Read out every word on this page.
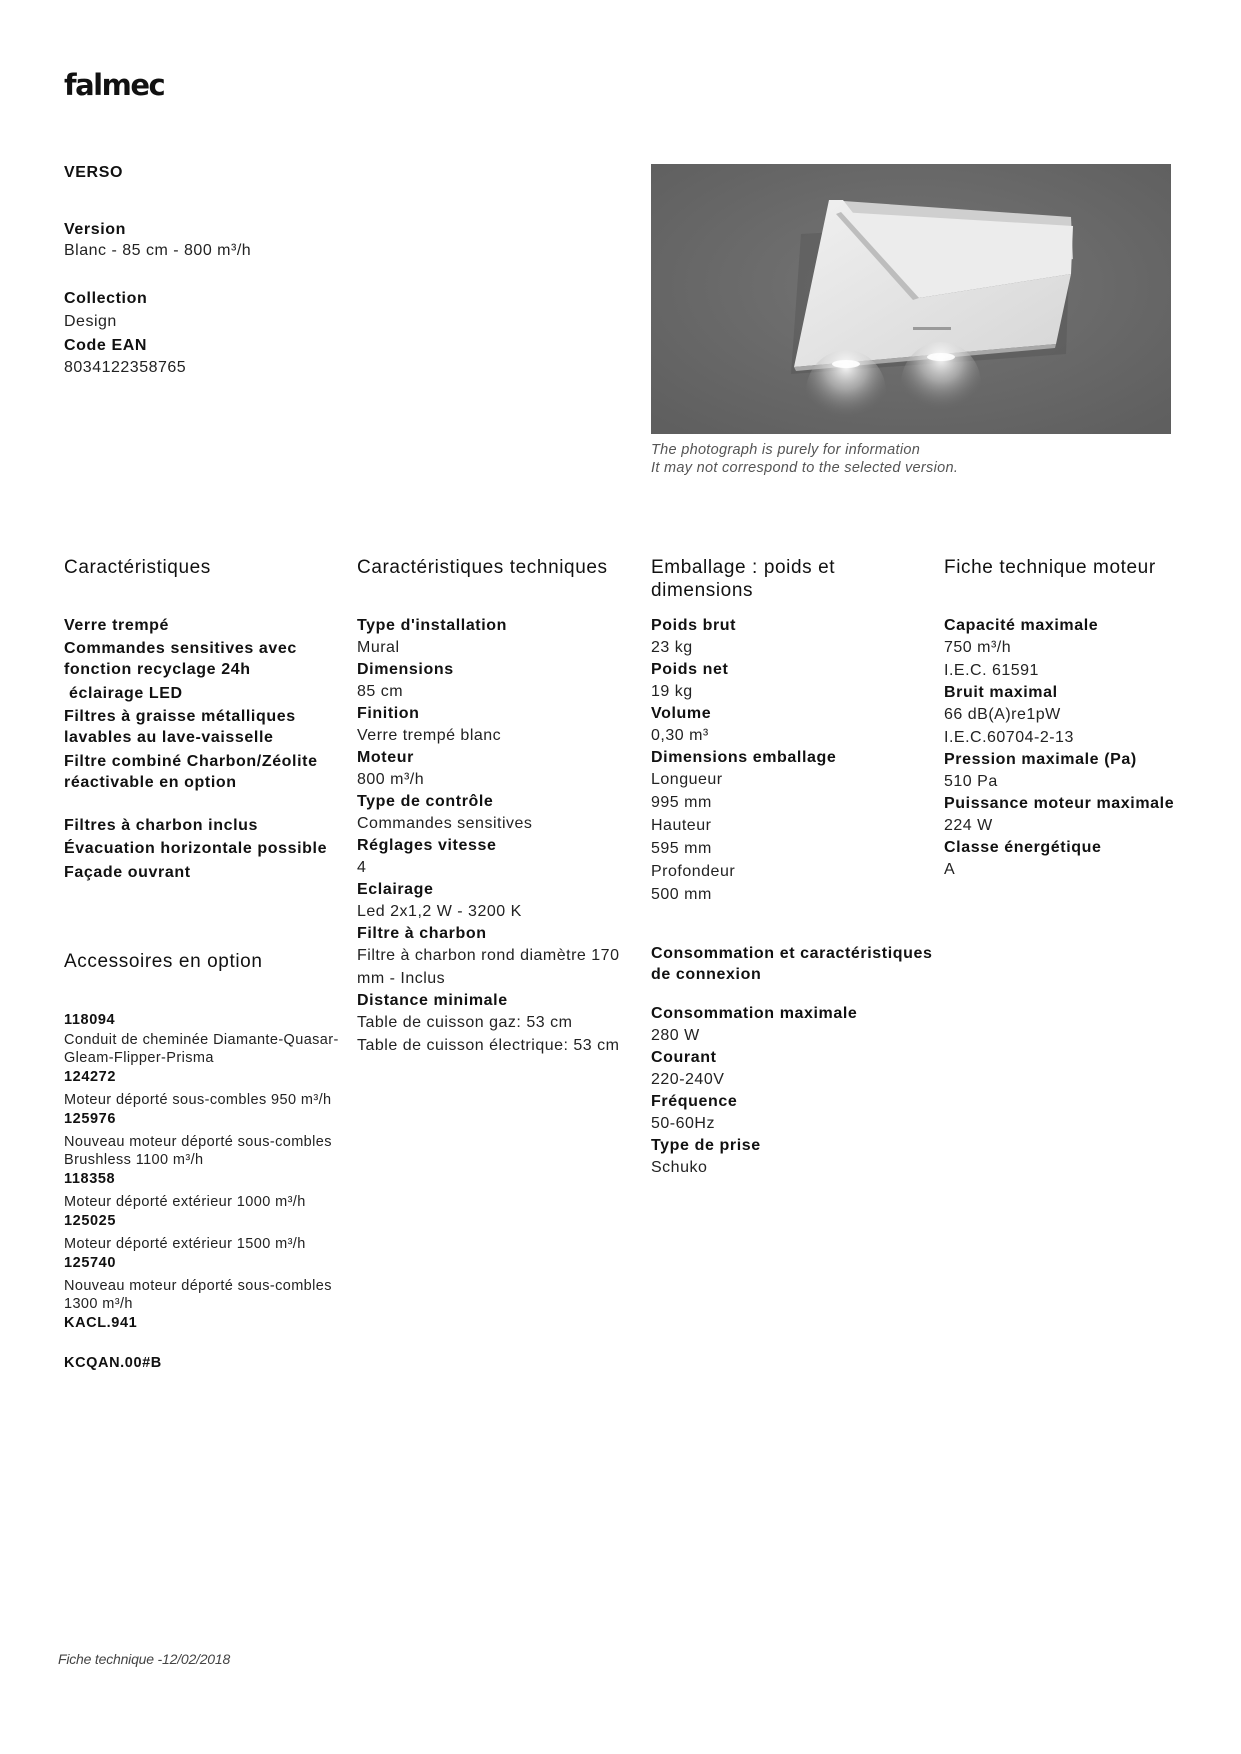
falmec
VERSO
Version
Blanc - 85 cm - 800 m³/h
Collection
Design
Code EAN
8034122358765
The photograph is purely for information
It may not correspond to the selected version.
Caractéristiques
Verre trempé
Commandes sensitives avec fonction recyclage 24h
éclairage LED
Filtres à graisse métalliques lavables au lave-vaisselle
Filtre combiné Charbon/Zéolite réactivable en option
Filtres à charbon inclus
Évacuation horizontale possible
Façade ouvrant
Accessoires en option
118094
Conduit de cheminée Diamante-Quasar-Gleam-Flipper-Prisma
124272
Moteur déporté sous-combles 950 m³/h
125976
Nouveau moteur déporté sous-combles Brushless 1100 m³/h
118358
Moteur déporté extérieur 1000 m³/h
125025
Moteur déporté extérieur 1500 m³/h
125740
Nouveau moteur déporté sous-combles 1300 m³/h
KACL.941
KCQAN.00#B
Caractéristiques techniques
Type d'installation
Mural
Dimensions
85 cm
Finition
Verre trempé blanc
Moteur
800 m³/h
Type de contrôle
Commandes sensitives
Réglages vitesse
4
Eclairage
Led 2x1,2 W - 3200 K
Filtre à charbon
Filtre à charbon rond diamètre 170 mm - Inclus
Distance minimale
Table de cuisson gaz: 53 cm
Table de cuisson électrique: 53 cm
Emballage : poids et dimensions
Poids brut
23 kg
Poids net
19 kg
Volume
0,30 m³
Dimensions emballage
Longueur
995 mm
Hauteur
595 mm
Profondeur
500 mm
Consommation et caractéristiques de connexion
Consommation maximale
280 W
Courant
220-240V
Fréquence
50-60Hz
Type de prise
Schuko
Fiche technique moteur
Capacité maximale
750 m³/h
I.E.C. 61591
Bruit maximal
66 dB(A)re1pW
I.E.C.60704-2-13
Pression maximale (Pa)
510 Pa
Puissance moteur maximale
224 W
Classe énergétique
A
Fiche technique -12/02/2018
